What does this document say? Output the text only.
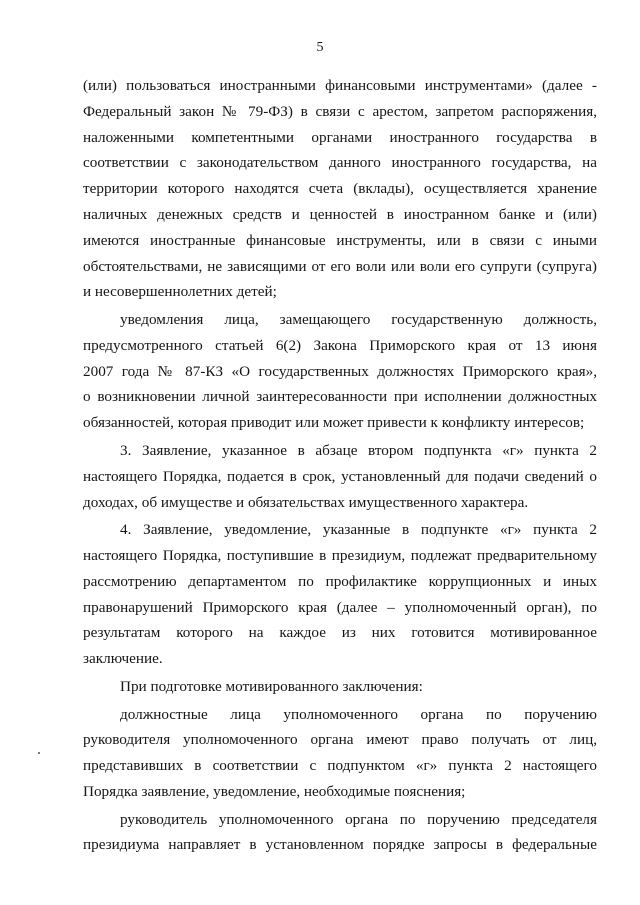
5
(или) пользоваться иностранными финансовыми инструментами» (далее -
Федеральный закон № 79-ФЗ) в связи с арестом, запретом распоряжения,
наложенными компетентными органами иностранного государства в
соответствии с законодательством данного иностранного государства, на
территории которого находятся счета (вклады), осуществляется хранение
наличных денежных средств и ценностей в иностранном банке и (или)
имеются иностранные финансовые инструменты, или в связи с иными
обстоятельствами, не зависящими от его воли или воли его супруги (супруга)
и несовершеннолетних детей;
уведомления лица, замещающего государственную должность,
предусмотренного статьей 6(2) Закона Приморского края от 13 июня
2007 года № 87-КЗ «О государственных должностях Приморского края»,
о возникновении личной заинтересованности при исполнении должностных
обязанностей, которая приводит или может привести к конфликту интересов;
3. Заявление, указанное в абзаце втором подпункта «г» пункта 2
настоящего Порядка, подается в срок, установленный для подачи сведений о
доходах, об имуществе и обязательствах имущественного характера.
4. Заявление, уведомление, указанные в подпункте «г» пункта 2
настоящего Порядка, поступившие в президиум, подлежат предварительному
рассмотрению департаментом по профилактике коррупционных и иных
правонарушений Приморского края (далее – уполномоченный орган), по
результатам которого на каждое из них готовится мотивированное
заключение.
При подготовке мотивированного заключения:
должностные лица уполномоченного органа по поручению
руководителя уполномоченного органа имеют право получать от лиц,
представивших в соответствии с подпунктом «г» пункта 2 настоящего
Порядка заявление, уведомление, необходимые пояснения;
руководитель уполномоченного органа по поручению председателя
президиума направляет в установленном порядке запросы в федеральные
